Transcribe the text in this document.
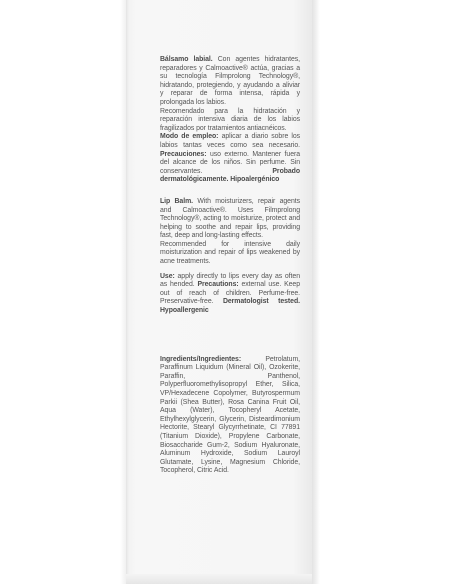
Bálsamo labial. Con agentes hidratantes, reparadores y Calmoactive® actúa, gracias a su tecnología Filmprolong Technology®, hidratando, protegiendo, y ayudando a aliviar y reparar de forma intensa, rápida y prolongada los labios.

Recomendado para la hidratación y reparación intensiva diaria de los labios fragilizados por tratamientos antiacnéicos.

Modo de empleo: aplicar a diario sobre los labios tantas veces como sea necesario. Precauciones: uso externo. Mantener fuera del alcance de los niños. Sin perfume. Sin conservantes.	Probado dermatológicamente. Hipoalergénico

Lip Balm. With moisturizers, repair agents and Calmoactive®. Uses Filmprolong Technology®, acting to moisturize, protect and helping to soothe and repair lips, providing fast, deep and long-lasting effects.

Recommended for intensive daily moisturization and repair of lips weakened by acne treatments.

Use: apply directly to lips every day as often as hended. Precautions: external use. Keep out of reach of children. Perfume-free. Preservative-free. Dermatologist tested. Hypoallergenic

Ingredients/Ingredientes:	Petrolatum, Paraffinum Liquidum (Mineral Oil), Ozokerite, Paraffin, Panthenol, Polyperfluoromethylisopropyl Ether, Silica, VP/Hexadecene Copolymer, Butyrospermum Parkii (Shea Butter), Rosa Canina Fruit Oil, Aqua (Water), Tocopheryl Acetate, Ethylhexylglycerin, Glycerin, Disteardimonium Hectorite, Stearyl Glycyrrhetinate, CI 77891 (Titanium Dioxide), Propylene Carbonate, Biosaccharide Gum-2, Sodium Hyaluronate, Aluminum Hydroxide, Sodium Lauroyl Glutamate, Lysine, Magnesium Chloride, Tocopherol, Citric Acid.
